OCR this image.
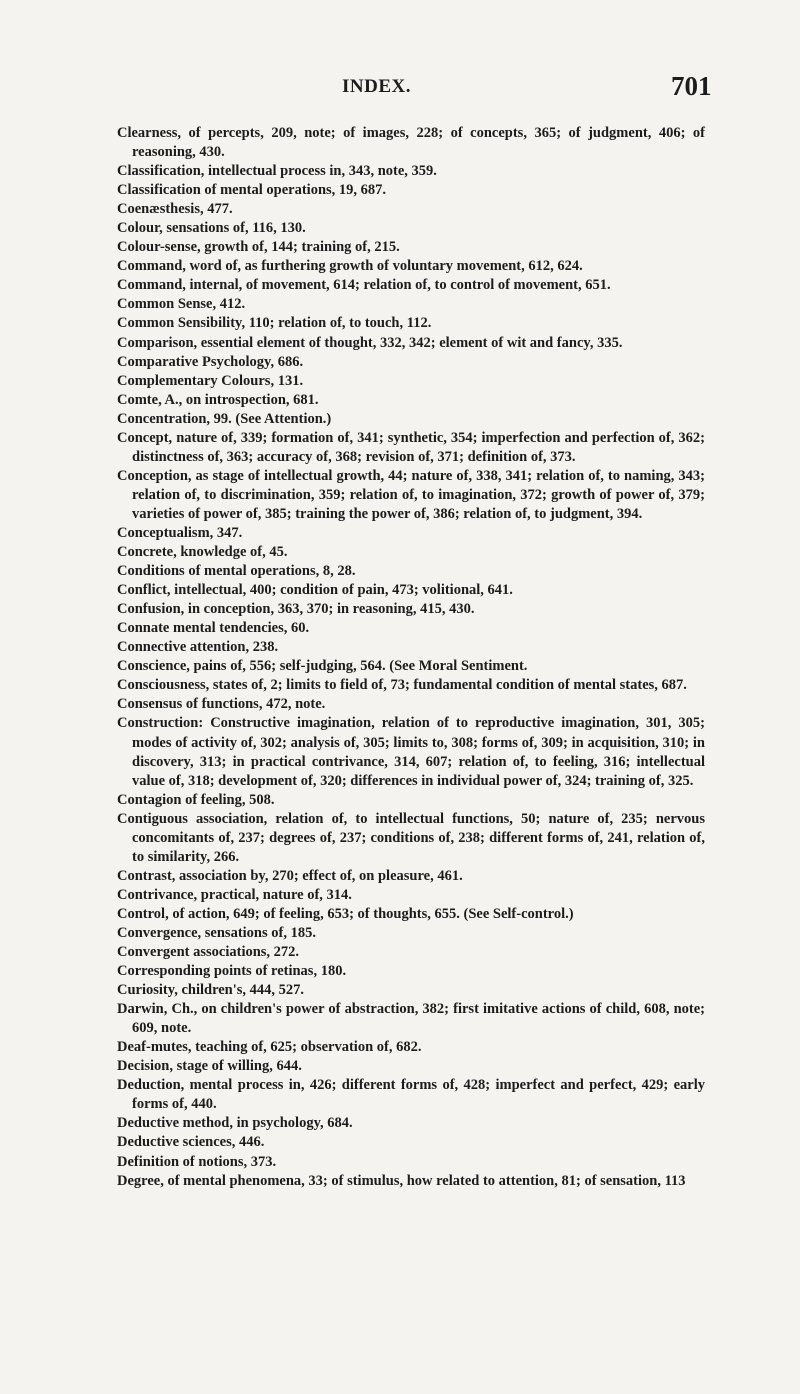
INDEX.	701

Clearness, of percepts, 209, note; of images, 228; of concepts, 365; of judgment, 406; of reasoning, 430.

Classification, intellectual process in, 343, note, 359.

Classification of mental operations, 19, 687.

Coenæsthesis, 477.

Colour, sensations of, 116, 130.

Colour-sense, growth of, 144; training of, 215.

Command, word of, as furthering growth of voluntary movement, 612, 624.

Command, internal, of movement, 614; relation of, to control of movement, 651.

Common Sense, 412.

Common Sensibility, 110; relation of, to touch, 112.

Comparison, essential element of thought, 332, 342; element of wit and fancy, 335.

Comparative Psychology, 686.

Complementary Colours, 131.

Comte, A., on introspection, 681.

Concentration, 99. (See Attention.)

Concept, nature of, 339; formation of, 341; synthetic, 354; imperfection and perfection of, 362; distinctness of, 363; accuracy of, 368; revision of, 371; definition of, 373.

Conception, as stage of intellectual growth, 44; nature of, 338, 341; relation of, to naming, 343; relation of, to discrimination, 359; relation of, to imagination, 372; growth of power of, 379; varieties of power of, 385; training the power of, 386; relation of, to judgment, 394.

Conceptualism, 347.

Concrete, knowledge of, 45.

Conditions of mental operations, 8, 28.

Conflict, intellectual, 400; condition of pain, 473; volitional, 641.

Confusion, in conception, 363, 370; in reasoning, 415, 430.

Connate mental tendencies, 60.

Connective attention, 238.

Conscience, pains of, 556; self-judging, 564. (See Moral Sentiment.

Consciousness, states of, 2; limits to field of, 73; fundamental condition of mental states, 687.

Consensus of functions, 472, note.

Construction: Constructive imagination, relation of to reproductive imagination, 301, 305; modes of activity of, 302; analysis of, 305; limits to, 308; forms of, 309; in acquisition, 310; in discovery, 313; in practical contrivance, 314, 607; relation of, to feeling, 316; intellectual value of, 318; development of, 320; differences in individual power of, 324; training of, 325.

Contagion of feeling, 508.

Contiguous association, relation of, to intellectual functions, 50; nature of, 235; nervous concomitants of, 237; degrees of, 237; conditions of, 238; different forms of, 241, relation of, to similarity, 266.

Contrast, association by, 270; effect of, on pleasure, 461.

Contrivance, practical, nature of, 314.

Control, of action, 649; of feeling, 653; of thoughts, 655. (See Self-control.)

Convergence, sensations of, 185.

Convergent associations, 272.

Corresponding points of retinas, 180.

Curiosity, children's, 444, 527.

Darwin, Ch., on children's power of abstraction, 382; first imitative actions of child, 608, note; 609, note.

Deaf-mutes, teaching of, 625; observation of, 682.

Decision, stage of willing, 644.

Deduction, mental process in, 426; different forms of, 428; imperfect and perfect, 429; early forms of, 440.

Deductive method, in psychology, 684.

Deductive sciences, 446.

Definition of notions, 373.

Degree, of mental phenomena, 33; of stimulus, how related to attention, 81; of sensation, 113
